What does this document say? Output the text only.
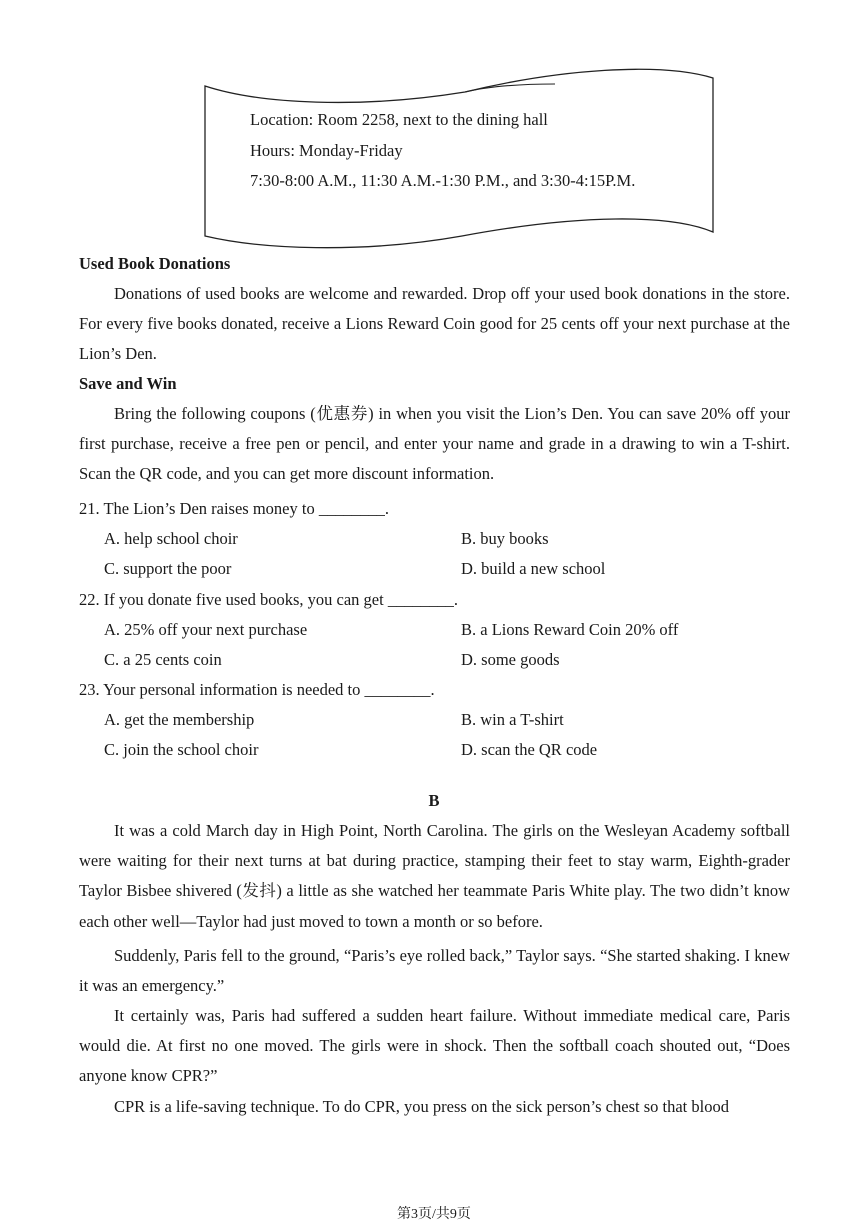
Location: Room 2258, next to the dining hall
Hours: Monday-Friday
7:30-8:00 A.M., 11:30 A.M.-1:30 P.M., and 3:30-4:15P.M.
Used Book Donations

Donations of used books are welcome and rewarded. Drop off your used book donations in the store. For every five books donated, receive a Lions Reward Coin good for 25 cents off your next purchase at the Lion’s Den.

Save and Win

Bring the following coupons (优惠券) in when you visit the Lion’s Den. You can save 20% off your first purchase, receive a free pen or pencil, and enter your name and grade in a drawing to win a T-shirt. Scan the QR code, and you can get more discount information.

21. The Lion’s Den raises money to ________.
A. help school choir	B. buy books
C. support the poor	D. build a new school
22. If you donate five used books, you can get ________.
A. 25% off your next purchase	B. a Lions Reward Coin 20% off
C. a 25 cents coin	D. some goods
23. Your personal information is needed to ________.
A. get the membership	B. win a T-shirt
C. join the school choir	D. scan the QR code
B

It was a cold March day in High Point, North Carolina. The girls on the Wesleyan Academy softball were waiting for their next turns at bat during practice, stamping their feet to stay warm, Eighth-grader Taylor Bisbee shivered (发抖) a little as she watched her teammate Paris White play. The two didn’t know each other well—Taylor had just moved to town a month or so before.

Suddenly, Paris fell to the ground, “Paris’s eye rolled back,” Taylor says. “She started shaking. I knew it was an emergency.”

It certainly was, Paris had suffered a sudden heart failure. Without immediate medical care, Paris would die. At first no one moved. The girls were in shock. Then the softball coach shouted out, “Does anyone know CPR?”

CPR is a life-saving technique. To do CPR, you press on the sick person’s chest so that blood

第3页/共9页
